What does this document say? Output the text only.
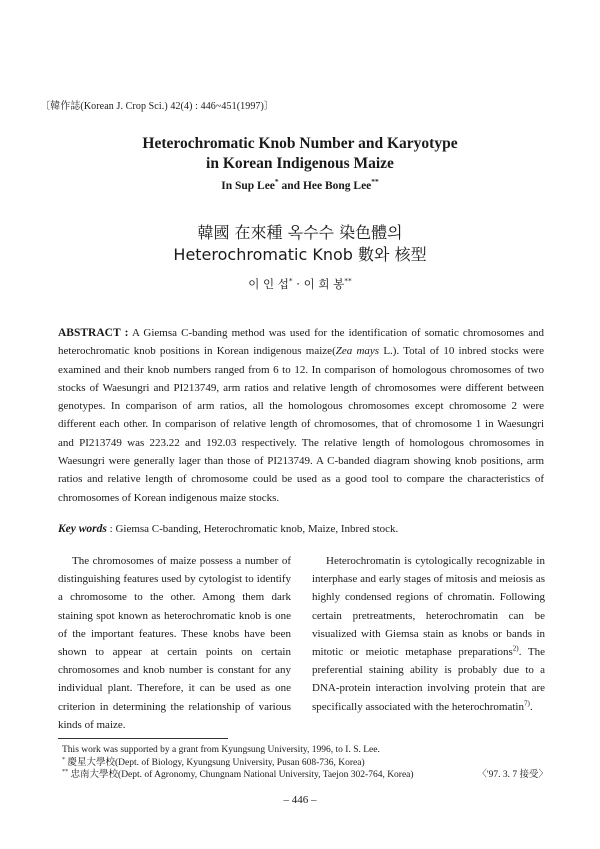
〔韓作誌(Korean J. Crop Sci.) 42(4) : 446~451(1997)〕
Heterochromatic Knob Number and Karyotype
in Korean Indigenous Maize
In Sup Lee* and Hee Bong Lee**
韓國 在來種 옥수수 染色體의
Heterochromatic Knob 數와 核型
이 인 섭* · 이 희 봉**
ABSTRACT : A Giemsa C-banding method was used for the identification of somatic chromosomes and heterochromatic knob positions in Korean indigenous maize(Zea mays L.). Total of 10 inbred stocks were examined and their knob numbers ranged from 6 to 12. In comparison of homologous chromosomes of two stocks of Waesungri and PI213749, arm ratios and relative length of chromosomes were different between genotypes. In comparison of arm ratios, all the homologous chromosomes except chromosome 2 were different each other. In comparison of relative length of chromosomes, that of chromosome 1 in Waesungri and PI213749 was 223.22 and 192.03 respectively. The relative length of homologous chromosomes in Waesungri were generally lager than those of PI213749. A C-banded diagram showing knob positions, arm ratios and relative length of chromosome could be used as a good tool to compare the characteristics of chromosomes of Korean indigenous maize stocks.
Key words : Giemsa C-banding, Heterochromatic knob, Maize, Inbred stock.
The chromosomes of maize possess a number of distinguishing features used by cytologist to identify a chromosome to the other. Among them dark staining spot known as heterochromatic knob is one of the important features. These knobs have been shown to appear at certain points on certain chromosomes and knob number is constant for any individual plant. Therefore, it can be used as one criterion in determining the relationship of various kinds of maize.
Heterochromatin is cytologically recognizable in interphase and early stages of mitosis and meiosis as highly condensed regions of chromatin. Following certain pretreatments, heterochromatin can be visualized with Giemsa stain as knobs or bands in mitotic or meiotic metaphase preparations$^{2)}$. The preferential staining ability is probably due to a DNA-protein interaction involving protein that are specifically associated with the heterochromatin$^{7)}$.
This work was supported by a grant from Kyungsung University, 1996, to I. S. Lee.
* 慶星大學校(Dept. of Biology, Kyungsung University, Pusan 608-736, Korea)
** 忠南大學校(Dept. of Agronomy, Chungnam National University, Taejon 302-764, Korea)	〈'97. 3. 7 接受〉
– 446 –
